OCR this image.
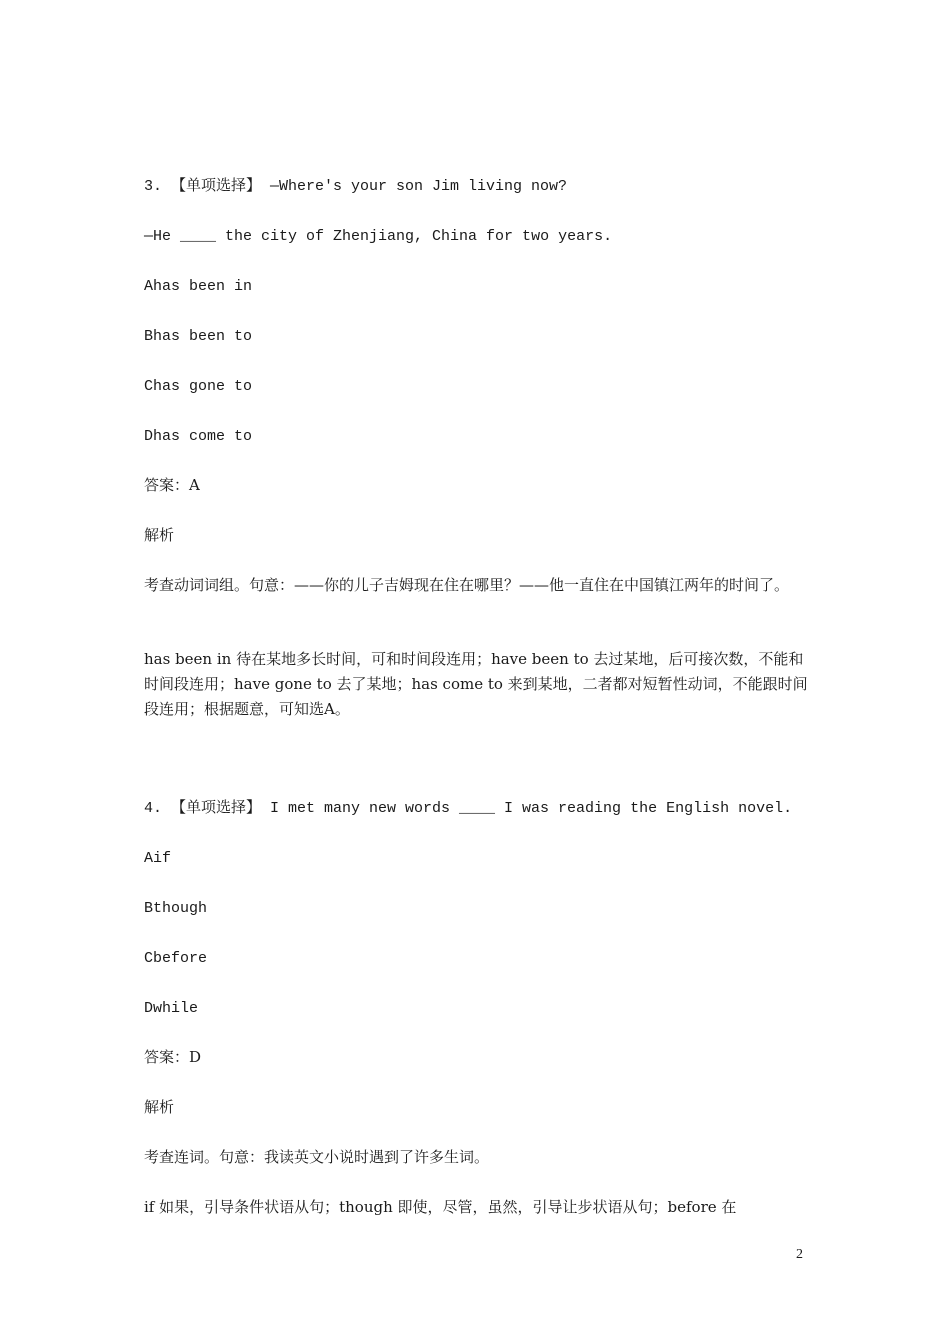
3. 【单项选择】 —Where's your son Jim living now?
—He ____ the city of Zhenjiang, China for two years.
Ahas been in
Bhas been to
Chas gone to
Dhas come to
答案：A
解析
考查动词词组。句意：——你的儿子吉姆现在住在哪里？——他一直住在中国镇江两年的时间了。
has been in 待在某地多长时间，可和时间段连用；have been to 去过某地，后可接次数，不能和时间段连用；have gone to 去了某地；has come to 来到某地，二者都对短暂性动词，不能跟时间段连用；根据题意，可知选A。
4. 【单项选择】 I met many new words ____ I was reading the English novel.
Aif
Bthough
Cbefore
Dwhile
答案：D
解析
考查连词。句意：我读英文小说时遇到了许多生词。
if 如果，引导条件状语从句；though 即使，尽管，虽然，引导让步状语从句；before 在
2
